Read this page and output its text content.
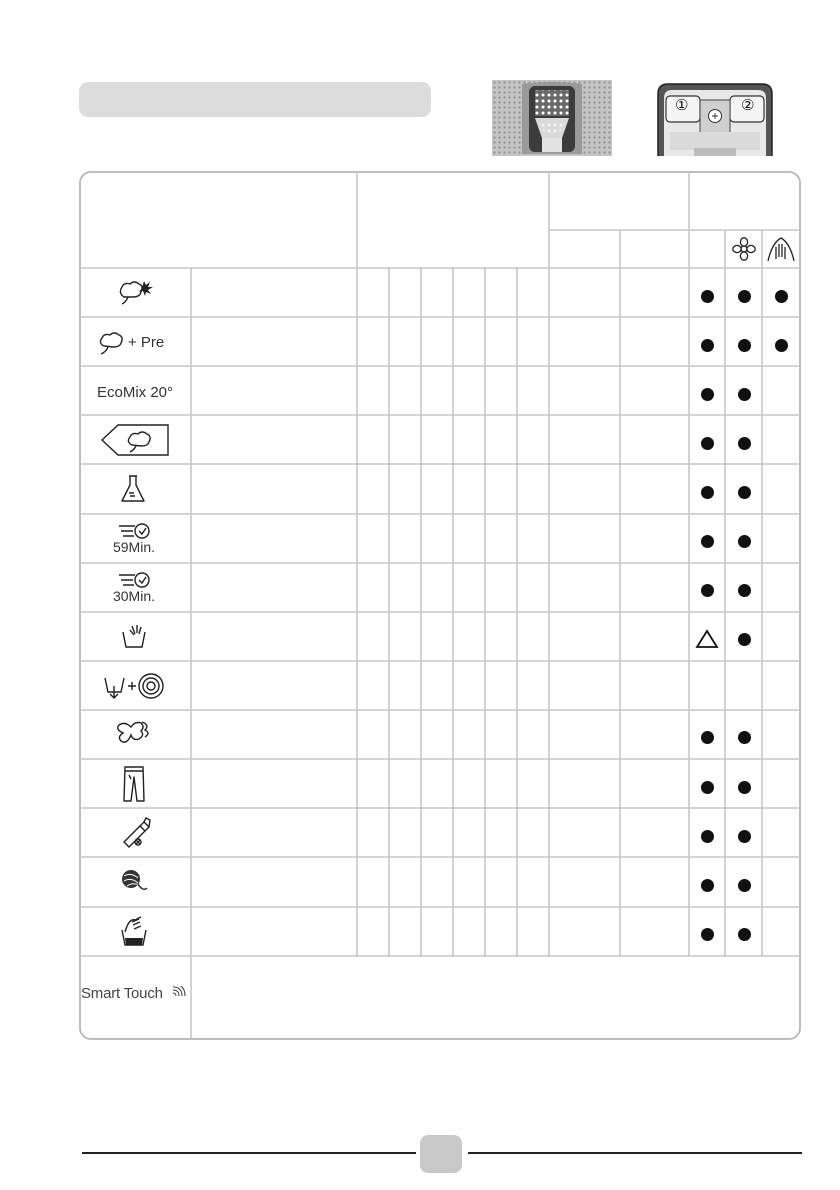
①	②
+ Pre
EcoMix 20°
59Min.
30Min.
Smart Touch
